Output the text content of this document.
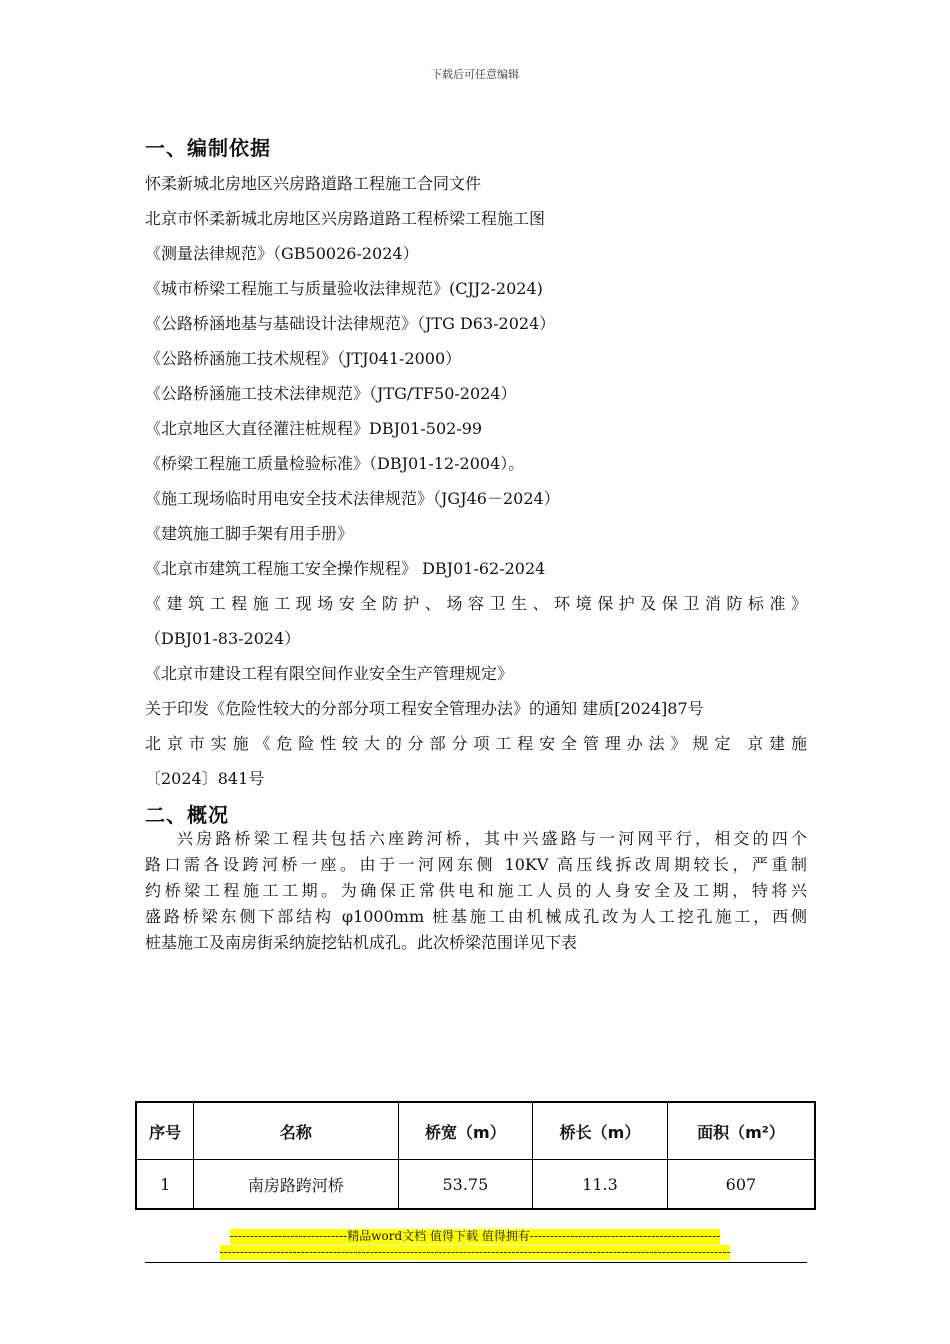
下载后可任意编辑
一、编制依据
怀柔新城北房地区兴房路道路工程施工合同文件
北京市怀柔新城北房地区兴房路道路工程桥梁工程施工图
《测量法律规范》（GB50026-2024）
《城市桥梁工程施工与质量验收法律规范》(CJJ2-2024)
《公路桥涵地基与基础设计法律规范》（JTG D63-2024）
《公路桥涵施工技术规程》（JTJ041-2000）
《公路桥涵施工技术法律规范》（JTG/TF50-2024）
《北京地区大直径灌注桩规程》DBJ01-502-99
《桥梁工程施工质量检验标准》（DBJ01-12-2004）。
《施工现场临时用电安全技术法律规范》（JGJ46－2024）
《建筑施工脚手架有用手册》
《北京市建筑工程施工安全操作规程》 DBJ01-62-2024
《建筑工程施工现场安全防护、场容卫生、环境保护及保卫消防标准》
（DBJ01-83-2024）
《北京市建设工程有限空间作业安全生产管理规定》
关于印发《危险性较大的分部分项工程安全管理办法》的通知 建质[2024]87号
北京市实施《危险性较大的分部分项工程安全管理办法》规定 京建施
〔2024〕841号
二、概况
兴房路桥梁工程共包括六座跨河桥，其中兴盛路与一河网平行，相交的四个
路口需各设跨河桥一座。由于一河网东侧 10KV 高压线拆改周期较长，严重制
约桥梁工程施工工期。为确保正常供电和施工人员的人身安全及工期，特将兴
盛路桥梁东侧下部结构 φ1000mm 桩基施工由机械成孔改为人工挖孔施工，西侧
桩基施工及南房街采纳旋挖钻机成孔。此次桥梁范围详见下表
序号	名称	桥宽（m）	桥长（m）	面积（m²）
1	南房路跨河桥	53.75	11.3	607
-----------------------------精品word文档 值得下载 值得拥有-----------------------------------------------
------------------------------------------------------------------------------------------------------------------------------
